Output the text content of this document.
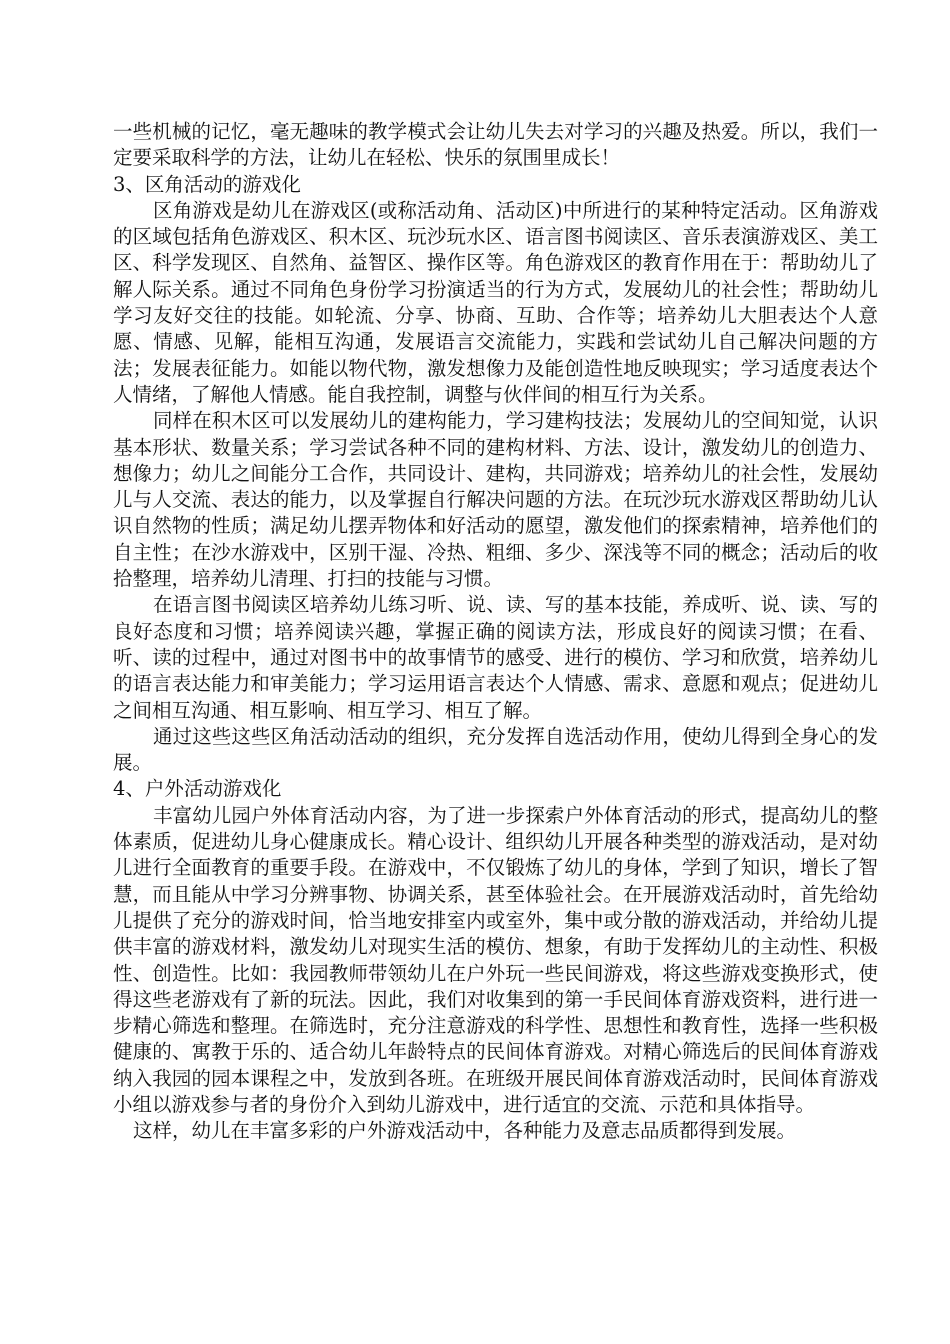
一些机械的记忆，毫无趣味的教学模式会让幼儿失去对学习的兴趣及热爱。所以，我们一定要采取科学的方法，让幼儿在轻松、快乐的氛围里成长！

3、区角活动的游戏化

区角游戏是幼儿在游戏区(或称活动角、活动区)中所进行的某种特定活动。区角游戏的区域包括角色游戏区、积木区、玩沙玩水区、语言图书阅读区、音乐表演游戏区、美工区、科学发现区、自然角、益智区、操作区等。角色游戏区的教育作用在于：帮助幼儿了解人际关系。通过不同角色身份学习扮演适当的行为方式，发展幼儿的社会性；帮助幼儿学习友好交往的技能。如轮流、分享、协商、互助、合作等；培养幼儿大胆表达个人意愿、情感、见解，能相互沟通，发展语言交流能力，实践和尝试幼儿自己解决问题的方法；发展表征能力。如能以物代物，激发想像力及能创造性地反映现实；学习适度表达个人情绪，了解他人情感。能自我控制，调整与伙伴间的相互行为关系。

同样在积木区可以发展幼儿的建构能力，学习建构技法；发展幼儿的空间知觉，认识基本形状、数量关系；学习尝试各种不同的建构材料、方法、设计，激发幼儿的创造力、想像力；幼儿之间能分工合作，共同设计、建构，共同游戏；培养幼儿的社会性，发展幼儿与人交流、表达的能力，以及掌握自行解决问题的方法。在玩沙玩水游戏区帮助幼儿认识自然物的性质；满足幼儿摆弄物体和好活动的愿望，激发他们的探索精神，培养他们的自主性；在沙水游戏中，区别干湿、冷热、粗细、多少、深浅等不同的概念；活动后的收拾整理，培养幼儿清理、打扫的技能与习惯。

在语言图书阅读区培养幼儿练习听、说、读、写的基本技能，养成听、说、读、写的良好态度和习惯；培养阅读兴趣，掌握正确的阅读方法，形成良好的阅读习惯；在看、听、读的过程中，通过对图书中的故事情节的感受、进行的模仿、学习和欣赏，培养幼儿的语言表达能力和审美能力；学习运用语言表达个人情感、需求、意愿和观点；促进幼儿之间相互沟通、相互影响、相互学习、相互了解。

通过这些这些区角活动活动的组织，充分发挥自选活动作用，使幼儿得到全身心的发展。

4、户外活动游戏化

丰富幼儿园户外体育活动内容，为了进一步探索户外体育活动的形式，提高幼儿的整体素质，促进幼儿身心健康成长。精心设计、组织幼儿开展各种类型的游戏活动，是对幼儿进行全面教育的重要手段。在游戏中，不仅锻炼了幼儿的身体，学到了知识，增长了智慧，而且能从中学习分辨事物、协调关系，甚至体验社会。在开展游戏活动时，首先给幼儿提供了充分的游戏时间，恰当地安排室内或室外，集中或分散的游戏活动，并给幼儿提供丰富的游戏材料，激发幼儿对现实生活的模仿、想象，有助于发挥幼儿的主动性、积极性、创造性。比如：我园教师带领幼儿在户外玩一些民间游戏，将这些游戏变换形式，使得这些老游戏有了新的玩法。因此，我们对收集到的第一手民间体育游戏资料，进行进一步精心筛选和整理。在筛选时，充分注意游戏的科学性、思想性和教育性，选择一些积极健康的、寓教于乐的、适合幼儿年龄特点的民间体育游戏。对精心筛选后的民间体育游戏纳入我园的园本课程之中，发放到各班。在班级开展民间体育游戏活动时，民间体育游戏小组以游戏参与者的身份介入到幼儿游戏中，进行适宜的交流、示范和具体指导。

这样，幼儿在丰富多彩的户外游戏活动中，各种能力及意志品质都得到发展。
